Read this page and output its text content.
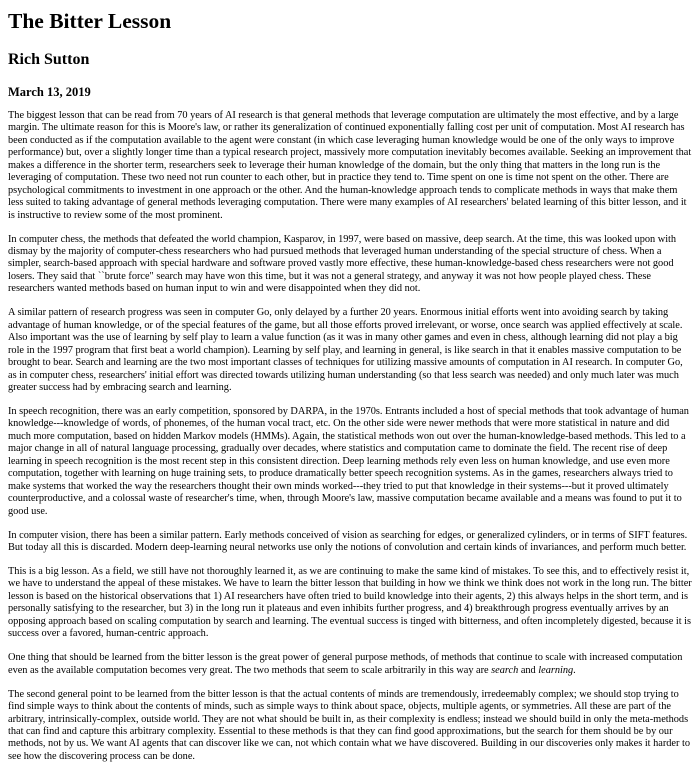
The Bitter Lesson
Rich Sutton
March 13, 2019

The biggest lesson that can be read from 70 years of AI research is that general methods that leverage computation are ultimately the most effective, and by a large margin. The ultimate reason for this is Moore's law, or rather its generalization of continued exponentially falling cost per unit of computation. Most AI research has been conducted as if the computation available to the agent were constant (in which case leveraging human knowledge would be one of the only ways to improve performance) but, over a slightly longer time than a typical research project, massively more computation inevitably becomes available. Seeking an improvement that makes a difference in the shorter term, researchers seek to leverage their human knowledge of the domain, but the only thing that matters in the long run is the leveraging of computation. These two need not run counter to each other, but in practice they tend to. Time spent on one is time not spent on the other. There are psychological commitments to investment in one approach or the other. And the human-knowledge approach tends to complicate methods in ways that make them less suited to taking advantage of general methods leveraging computation. There were many examples of AI researchers' belated learning of this bitter lesson, and it is instructive to review some of the most prominent.

In computer chess, the methods that defeated the world champion, Kasparov, in 1997, were based on massive, deep search. At the time, this was looked upon with dismay by the majority of computer-chess researchers who had pursued methods that leveraged human understanding of the special structure of chess. When a simpler, search-based approach with special hardware and software proved vastly more effective, these human-knowledge-based chess researchers were not good losers. They said that ``brute force" search may have won this time, but it was not a general strategy, and anyway it was not how people played chess. These researchers wanted methods based on human input to win and were disappointed when they did not.

A similar pattern of research progress was seen in computer Go, only delayed by a further 20 years. Enormous initial efforts went into avoiding search by taking advantage of human knowledge, or of the special features of the game, but all those efforts proved irrelevant, or worse, once search was applied effectively at scale. Also important was the use of learning by self play to learn a value function (as it was in many other games and even in chess, although learning did not play a big role in the 1997 program that first beat a world champion). Learning by self play, and learning in general, is like search in that it enables massive computation to be brought to bear. Search and learning are the two most important classes of techniques for utilizing massive amounts of computation in AI research. In computer Go, as in computer chess, researchers' initial effort was directed towards utilizing human understanding (so that less search was needed) and only much later was much greater success had by embracing search and learning.

In speech recognition, there was an early competition, sponsored by DARPA, in the 1970s. Entrants included a host of special methods that took advantage of human knowledge---knowledge of words, of phonemes, of the human vocal tract, etc. On the other side were newer methods that were more statistical in nature and did much more computation, based on hidden Markov models (HMMs). Again, the statistical methods won out over the human-knowledge-based methods. This led to a major change in all of natural language processing, gradually over decades, where statistics and computation came to dominate the field. The recent rise of deep learning in speech recognition is the most recent step in this consistent direction. Deep learning methods rely even less on human knowledge, and use even more computation, together with learning on huge training sets, to produce dramatically better speech recognition systems. As in the games, researchers always tried to make systems that worked the way the researchers thought their own minds worked---they tried to put that knowledge in their systems---but it proved ultimately counterproductive, and a colossal waste of researcher's time, when, through Moore's law, massive computation became available and a means was found to put it to good use.

In computer vision, there has been a similar pattern. Early methods conceived of vision as searching for edges, or generalized cylinders, or in terms of SIFT features. But today all this is discarded. Modern deep-learning neural networks use only the notions of convolution and certain kinds of invariances, and perform much better.

This is a big lesson. As a field, we still have not thoroughly learned it, as we are continuing to make the same kind of mistakes. To see this, and to effectively resist it, we have to understand the appeal of these mistakes. We have to learn the bitter lesson that building in how we think we think does not work in the long run. The bitter lesson is based on the historical observations that 1) AI researchers have often tried to build knowledge into their agents, 2) this always helps in the short term, and is personally satisfying to the researcher, but 3) in the long run it plateaus and even inhibits further progress, and 4) breakthrough progress eventually arrives by an opposing approach based on scaling computation by search and learning. The eventual success is tinged with bitterness, and often incompletely digested, because it is success over a favored, human-centric approach.

One thing that should be learned from the bitter lesson is the great power of general purpose methods, of methods that continue to scale with increased computation even as the available computation becomes very great. The two methods that seem to scale arbitrarily in this way are search and learning.

The second general point to be learned from the bitter lesson is that the actual contents of minds are tremendously, irredeemably complex; we should stop trying to find simple ways to think about the contents of minds, such as simple ways to think about space, objects, multiple agents, or symmetries. All these are part of the arbitrary, intrinsically-complex, outside world. They are not what should be built in, as their complexity is endless; instead we should build in only the meta-methods that can find and capture this arbitrary complexity. Essential to these methods is that they can find good approximations, but the search for them should be by our methods, not by us. We want AI agents that can discover like we can, not which contain what we have discovered. Building in our discoveries only makes it harder to see how the discovering process can be done.
